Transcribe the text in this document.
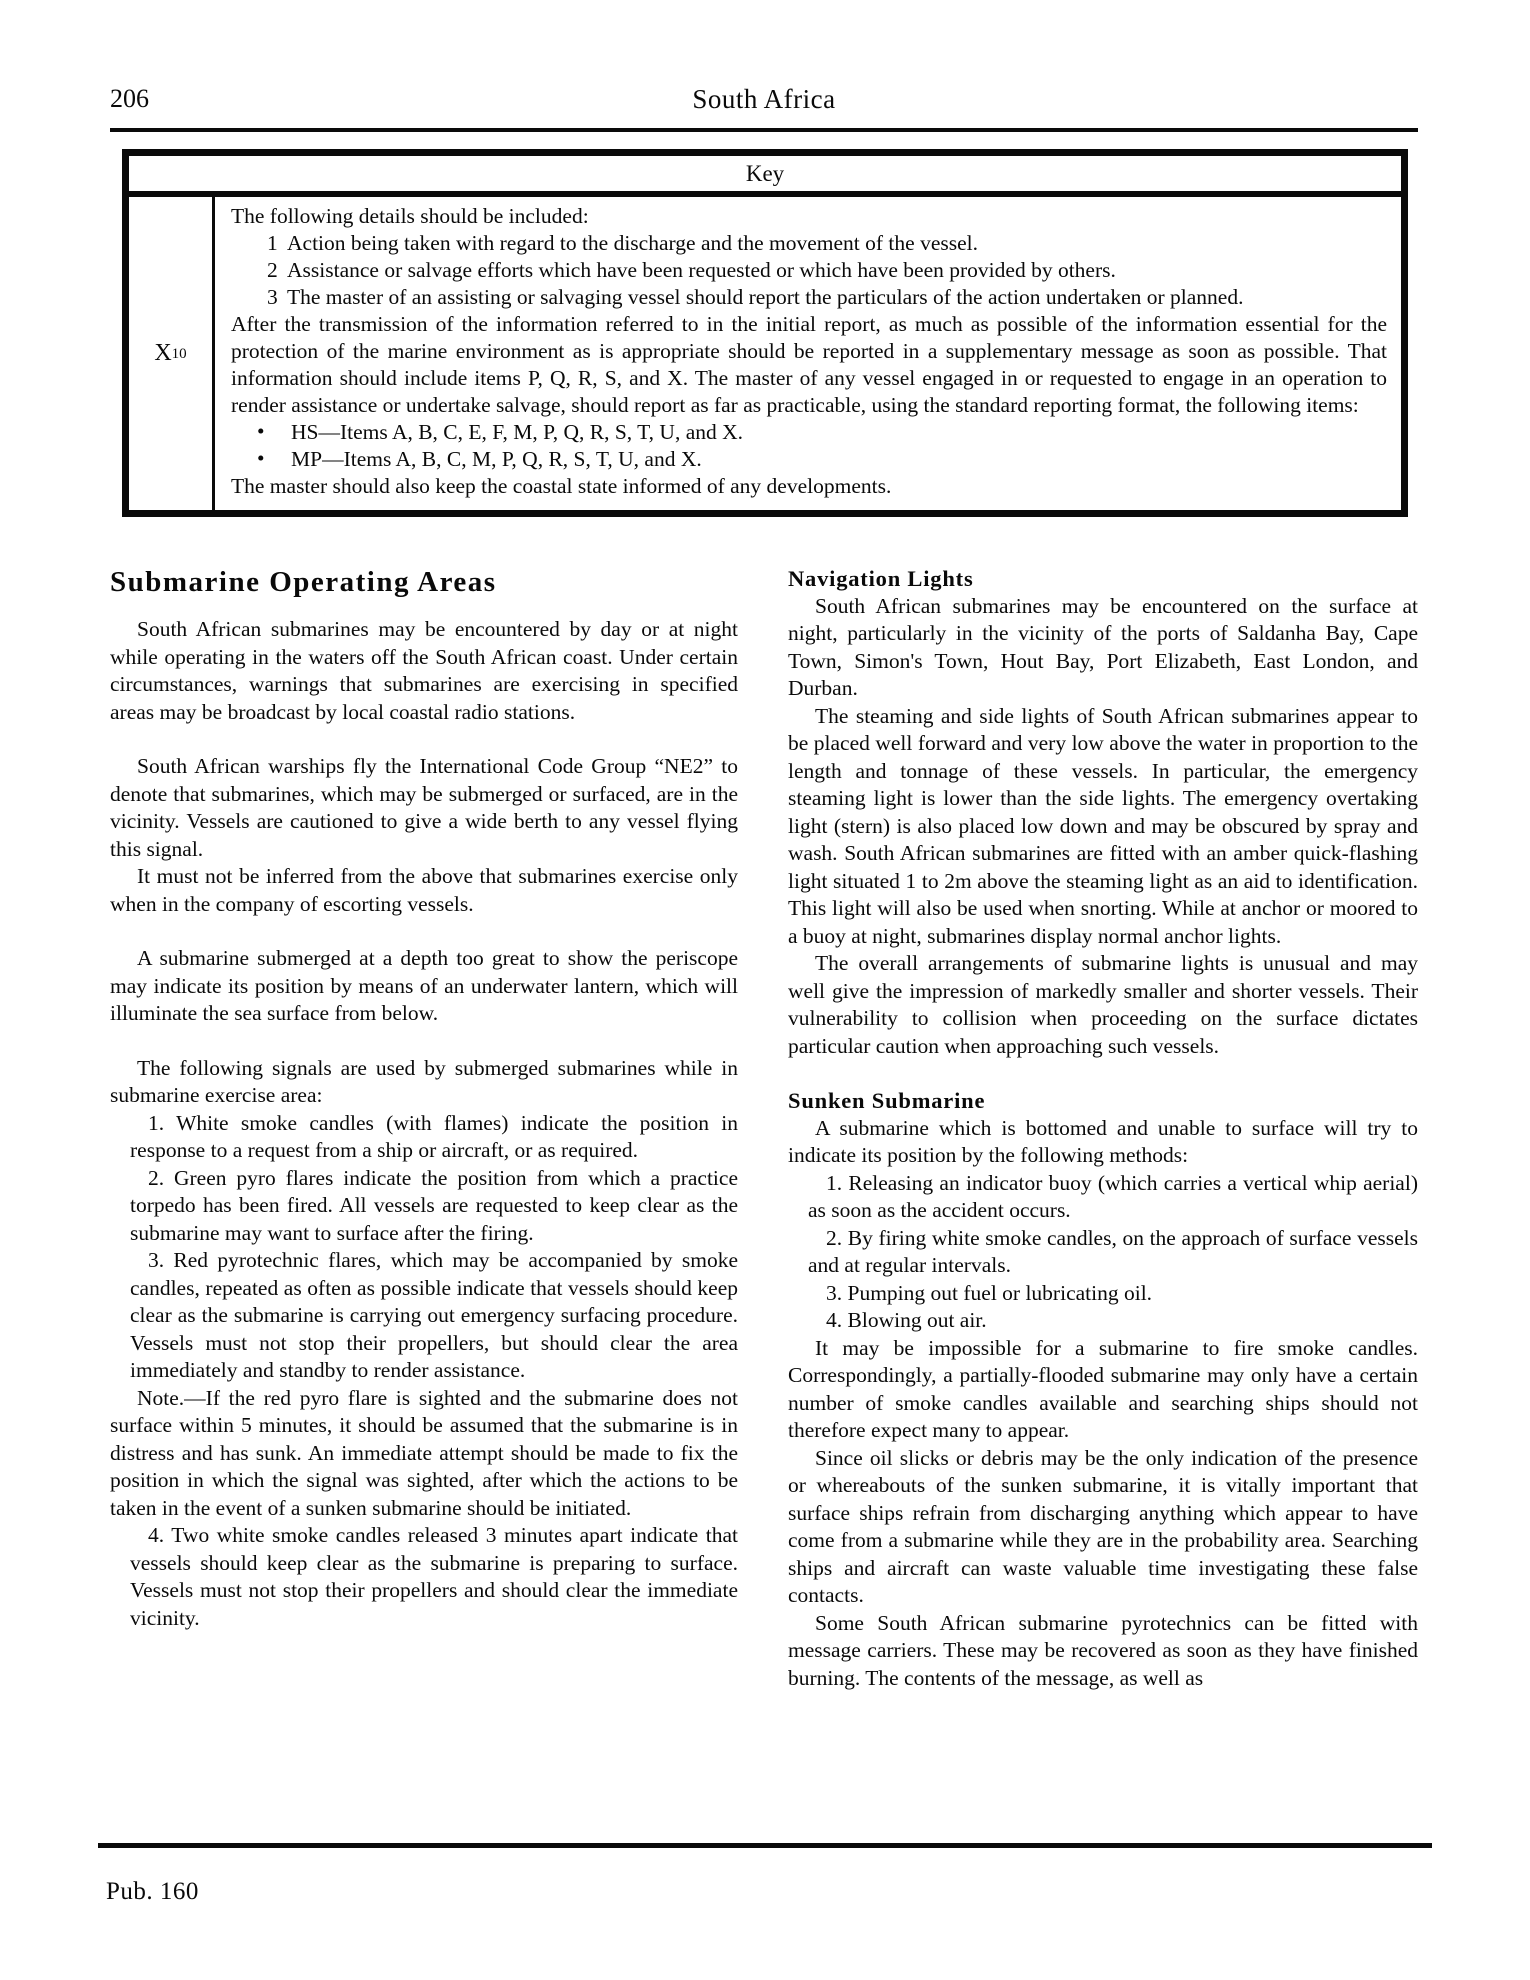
206	South Africa
Key
X 10
The following details should be included:
1 Action being taken with regard to the discharge and the movement of the vessel.
2 Assistance or salvage efforts which have been requested or which have been provided by others.
3 The master of an assisting or salvaging vessel should report the particulars of the action undertaken or planned.
After the transmission of the information referred to in the initial report, as much as possible of the information essential for the protection of the marine environment as is appropriate should be reported in a supplementary message as soon as possible. That information should include items P, Q, R, S, and X. The master of any vessel engaged in or requested to engage in an operation to render assistance or undertake salvage, should report as far as practicable, using the standard reporting format, the following items:
• HS—Items A, B, C, E, F, M, P, Q, R, S, T, U, and X.
• MP—Items A, B, C, M, P, Q, R, S, T, U, and X.
The master should also keep the coastal state informed of any developments.
Submarine Operating Areas

South African submarines may be encountered by day or at night while operating in the waters off the South African coast. Under certain circumstances, warnings that submarines are exercising in specified areas may be broadcast by local coastal radio stations.

South African warships fly the International Code Group “NE2” to denote that submarines, which may be submerged or surfaced, are in the vicinity. Vessels are cautioned to give a wide berth to any vessel flying this signal.

It must not be inferred from the above that submarines exercise only when in the company of escorting vessels.

A submarine submerged at a depth too great to show the periscope may indicate its position by means of an underwater lantern, which will illuminate the sea surface from below.

The following signals are used by submerged submarines while in submarine exercise area:

1. White smoke candles (with flames) indicate the position in response to a request from a ship or aircraft, or as required.

2. Green pyro flares indicate the position from which a practice torpedo has been fired. All vessels are requested to keep clear as the submarine may want to surface after the firing.

3. Red pyrotechnic flares, which may be accompanied by smoke candles, repeated as often as possible indicate that vessels should keep clear as the submarine is carrying out emergency surfacing procedure. Vessels must not stop their propellers, but should clear the area immediately and standby to render assistance.

Note.—If the red pyro flare is sighted and the submarine does not surface within 5 minutes, it should be assumed that the submarine is in distress and has sunk. An immediate attempt should be made to fix the position in which the signal was sighted, after which the actions to be taken in the event of a sunken submarine should be initiated.

4. Two white smoke candles released 3 minutes apart indicate that vessels should keep clear as the submarine is preparing to surface. Vessels must not stop their propellers and should clear the immediate vicinity.

Navigation Lights

South African submarines may be encountered on the surface at night, particularly in the vicinity of the ports of Saldanha Bay, Cape Town, Simon's Town, Hout Bay, Port Elizabeth, East London, and Durban.

The steaming and side lights of South African submarines appear to be placed well forward and very low above the water in proportion to the length and tonnage of these vessels. In particular, the emergency steaming light is lower than the side lights. The emergency overtaking light (stern) is also placed low down and may be obscured by spray and wash. South African submarines are fitted with an amber quick-flashing light situated 1 to 2m above the steaming light as an aid to identification. This light will also be used when snorting. While at anchor or moored to a buoy at night, submarines display normal anchor lights.

The overall arrangements of submarine lights is unusual and may well give the impression of markedly smaller and shorter vessels. Their vulnerability to collision when proceeding on the surface dictates particular caution when approaching such vessels.

Sunken Submarine

A submarine which is bottomed and unable to surface will try to indicate its position by the following methods:

1. Releasing an indicator buoy (which carries a vertical whip aerial) as soon as the accident occurs.

2. By firing white smoke candles, on the approach of surface vessels and at regular intervals.

3. Pumping out fuel or lubricating oil.

4. Blowing out air.

It may be impossible for a submarine to fire smoke candles. Correspondingly, a partially-flooded submarine may only have a certain number of smoke candles available and searching ships should not therefore expect many to appear.

Since oil slicks or debris may be the only indication of the presence or whereabouts of the sunken submarine, it is vitally important that surface ships refrain from discharging anything which appear to have come from a submarine while they are in the probability area. Searching ships and aircraft can waste valuable time investigating these false contacts.

Some South African submarine pyrotechnics can be fitted with message carriers. These may be recovered as soon as they have finished burning. The contents of the message, as well as

Pub. 160
